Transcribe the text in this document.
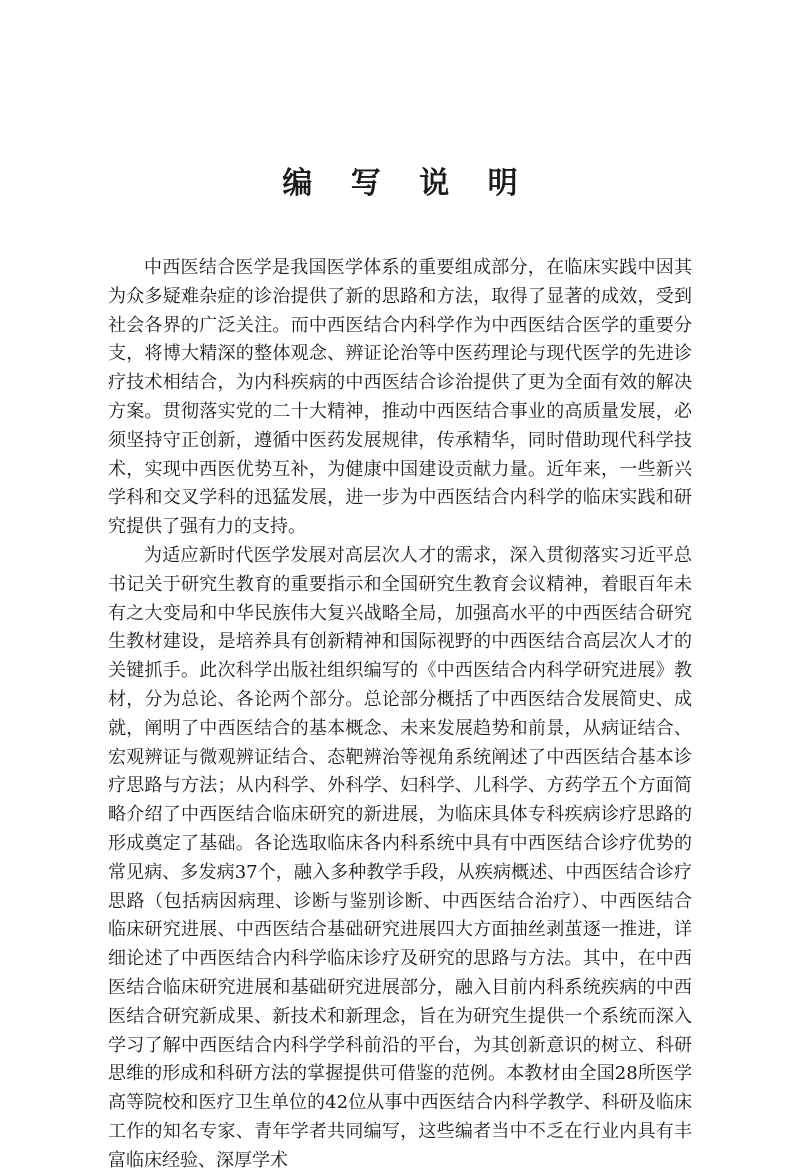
编 写 说 明

中西医结合医学是我国医学体系的重要组成部分，在临床实践中因其为众多疑难杂症的诊治提供了新的思路和方法，取得了显著的成效，受到社会各界的广泛关注。而中西医结合内科学作为中西医结合医学的重要分支，将博大精深的整体观念、辨证论治等中医药理论与现代医学的先进诊疗技术相结合，为内科疾病的中西医结合诊治提供了更为全面有效的解决方案。贯彻落实党的二十大精神，推动中西医结合事业的高质量发展，必须坚持守正创新，遵循中医药发展规律，传承精华，同时借助现代科学技术，实现中西医优势互补，为健康中国建设贡献力量。近年来，一些新兴学科和交叉学科的迅猛发展，进一步为中西医结合内科学的临床实践和研究提供了强有力的支持。

为适应新时代医学发展对高层次人才的需求，深入贯彻落实习近平总书记关于研究生教育的重要指示和全国研究生教育会议精神，着眼百年未有之大变局和中华民族伟大复兴战略全局，加强高水平的中西医结合研究生教材建设，是培养具有创新精神和国际视野的中西医结合高层次人才的关键抓手。此次科学出版社组织编写的《中西医结合内科学研究进展》教材，分为总论、各论两个部分。总论部分概括了中西医结合发展简史、成就，阐明了中西医结合的基本概念、未来发展趋势和前景，从病证结合、宏观辨证与微观辨证结合、态靶辨治等视角系统阐述了中西医结合基本诊疗思路与方法；从内科学、外科学、妇科学、儿科学、方药学五个方面简略介绍了中西医结合临床研究的新进展，为临床具体专科疾病诊疗思路的形成奠定了基础。各论选取临床各内科系统中具有中西医结合诊疗优势的常见病、多发病37个，融入多种教学手段，从疾病概述、中西医结合诊疗思路（包括病因病理、诊断与鉴别诊断、中西医结合治疗）、中西医结合临床研究进展、中西医结合基础研究进展四大方面抽丝剥茧逐一推进，详细论述了中西医结合内科学临床诊疗及研究的思路与方法。其中，在中西医结合临床研究进展和基础研究进展部分，融入目前内科系统疾病的中西医结合研究新成果、新技术和新理念，旨在为研究生提供一个系统而深入学习了解中西医结合内科学学科前沿的平台，为其创新意识的树立、科研思维的形成和科研方法的掌握提供可借鉴的范例。本教材由全国28所医学高等院校和医疗卫生单位的42位从事中西医结合内科学教学、科研及临床工作的知名专家、青年学者共同编写，这些编者当中不乏在行业内具有丰富临床经验、深厚学术
